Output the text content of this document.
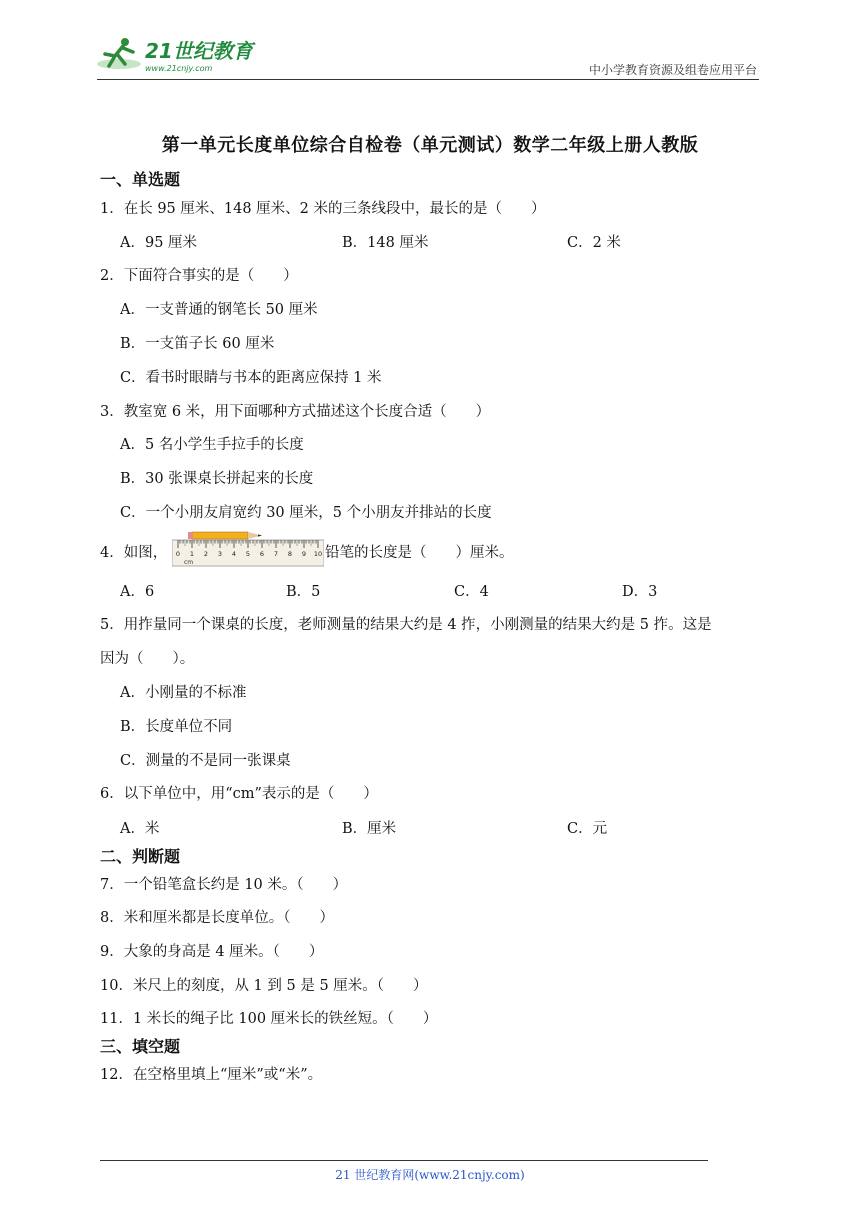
21世纪教育
www.21cnjy.com	中小学教育资源及组卷应用平台
第一单元长度单位综合自检卷（单元测试）数学二年级上册人教版
一、单选题
1．在长 95 厘米、148 厘米、2 米的三条线段中，最长的是（　　）
A．95 厘米	B．148 厘米	C．2 米
2．下面符合事实的是（　　）
A．一支普通的钢笔长 50 厘米
B．一支笛子长 60 厘米
C．看书时眼睛与书本的距离应保持 1 米
3．教室宽 6 米，用下面哪种方式描述这个长度合适（　　）
A．5 名小学生手拉手的长度
B．30 张课桌长拼起来的长度
C．一个小朋友肩宽约 30 厘米，5 个小朋友并排站的长度
4．如图， 0 1 2 3 4 5 6 7 8 9 10
cm
铅笔的长度是（　　）厘米。
A．6	B．5	C．4	D．3
5．用拃量同一个课桌的长度，老师测量的结果大约是 4 拃，小刚测量的结果大约是 5 拃。这是
因为（　　）。
A．小刚量的不标准
B．长度单位不同
C．测量的不是同一张课桌
6．以下单位中，用“cm”表示的是（　　）
A．米	B．厘米	C．元
二、判断题
7．一个铅笔盒长约是 10 米。（　　）
8．米和厘米都是长度单位。（　　）
9．大象的身高是 4 厘米。（　　）
10．米尺上的刻度，从 1 到 5 是 5 厘米。（　　）
11．1 米长的绳子比 100 厘米长的铁丝短。（　　）
三、填空题
12．在空格里填上“厘米”或“米”。
21 世纪教育网(www.21cnjy.com)
